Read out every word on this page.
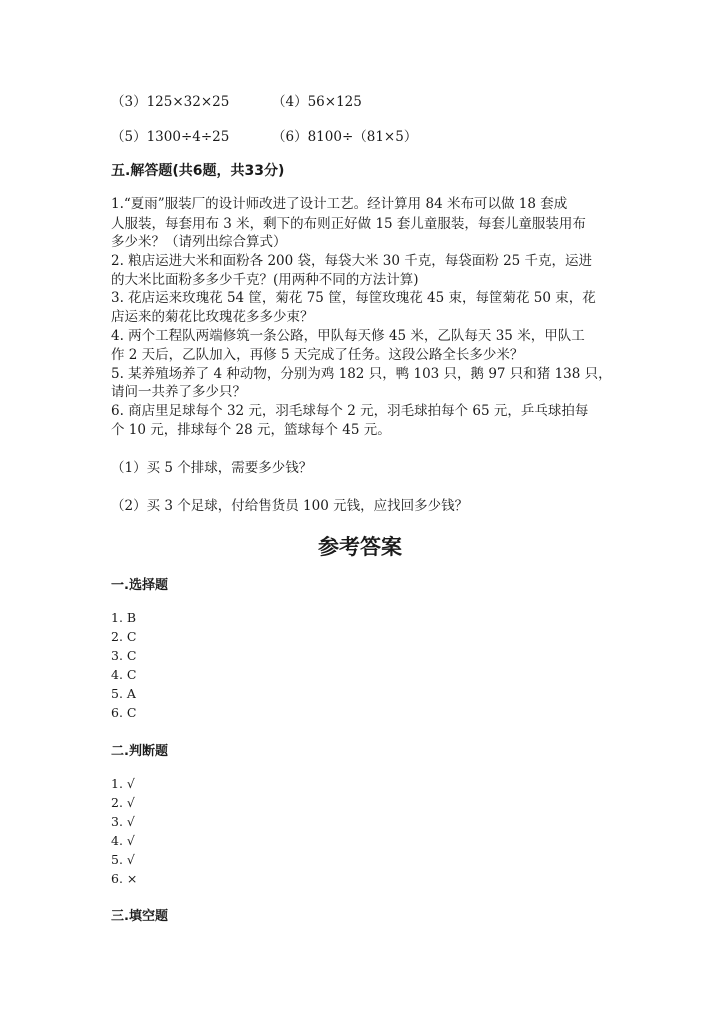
（3）125×32×25	（4）56×125
（5）1300÷4÷25	（6）8100÷（81×5）
五.解答题(共6题，共33分)
1.“夏雨”服装厂的设计师改进了设计工艺。经计算用 84 米布可以做 18 套成
人服装，每套用布 3 米，剩下的布则正好做 15 套儿童服装，每套儿童服装用布
多少米？（请列出综合算式）
2. 粮店运进大米和面粉各 200 袋，每袋大米 30 千克，每袋面粉 25 千克，运进
的大米比面粉多多少千克？(用两种不同的方法计算)
3. 花店运来玫瑰花 54 筐，菊花 75 筐，每筐玫瑰花 45 束，每筐菊花 50 束，花
店运来的菊花比玫瑰花多多少束？
4. 两个工程队两端修筑一条公路，甲队每天修 45 米，乙队每天 35 米，甲队工
作 2 天后，乙队加入，再修 5 天完成了任务。这段公路全长多少米？
5. 某养殖场养了 4 种动物，分别为鸡 182 只，鸭 103 只，鹅 97 只和猪 138 只，
请问一共养了多少只？
6. 商店里足球每个 32 元，羽毛球每个 2 元，羽毛球拍每个 65 元，乒乓球拍每
个 10 元，排球每个 28 元，篮球每个 45 元。
（1）买 5 个排球，需要多少钱？
（2）买 3 个足球，付给售货员 100 元钱，应找回多少钱？
参考答案
一.选择题
1. B
2. C
3. C
4. C
5. A
6. C
二.判断题
1. √
2. √
3. √
4. √
5. √
6. ×
三.填空题
